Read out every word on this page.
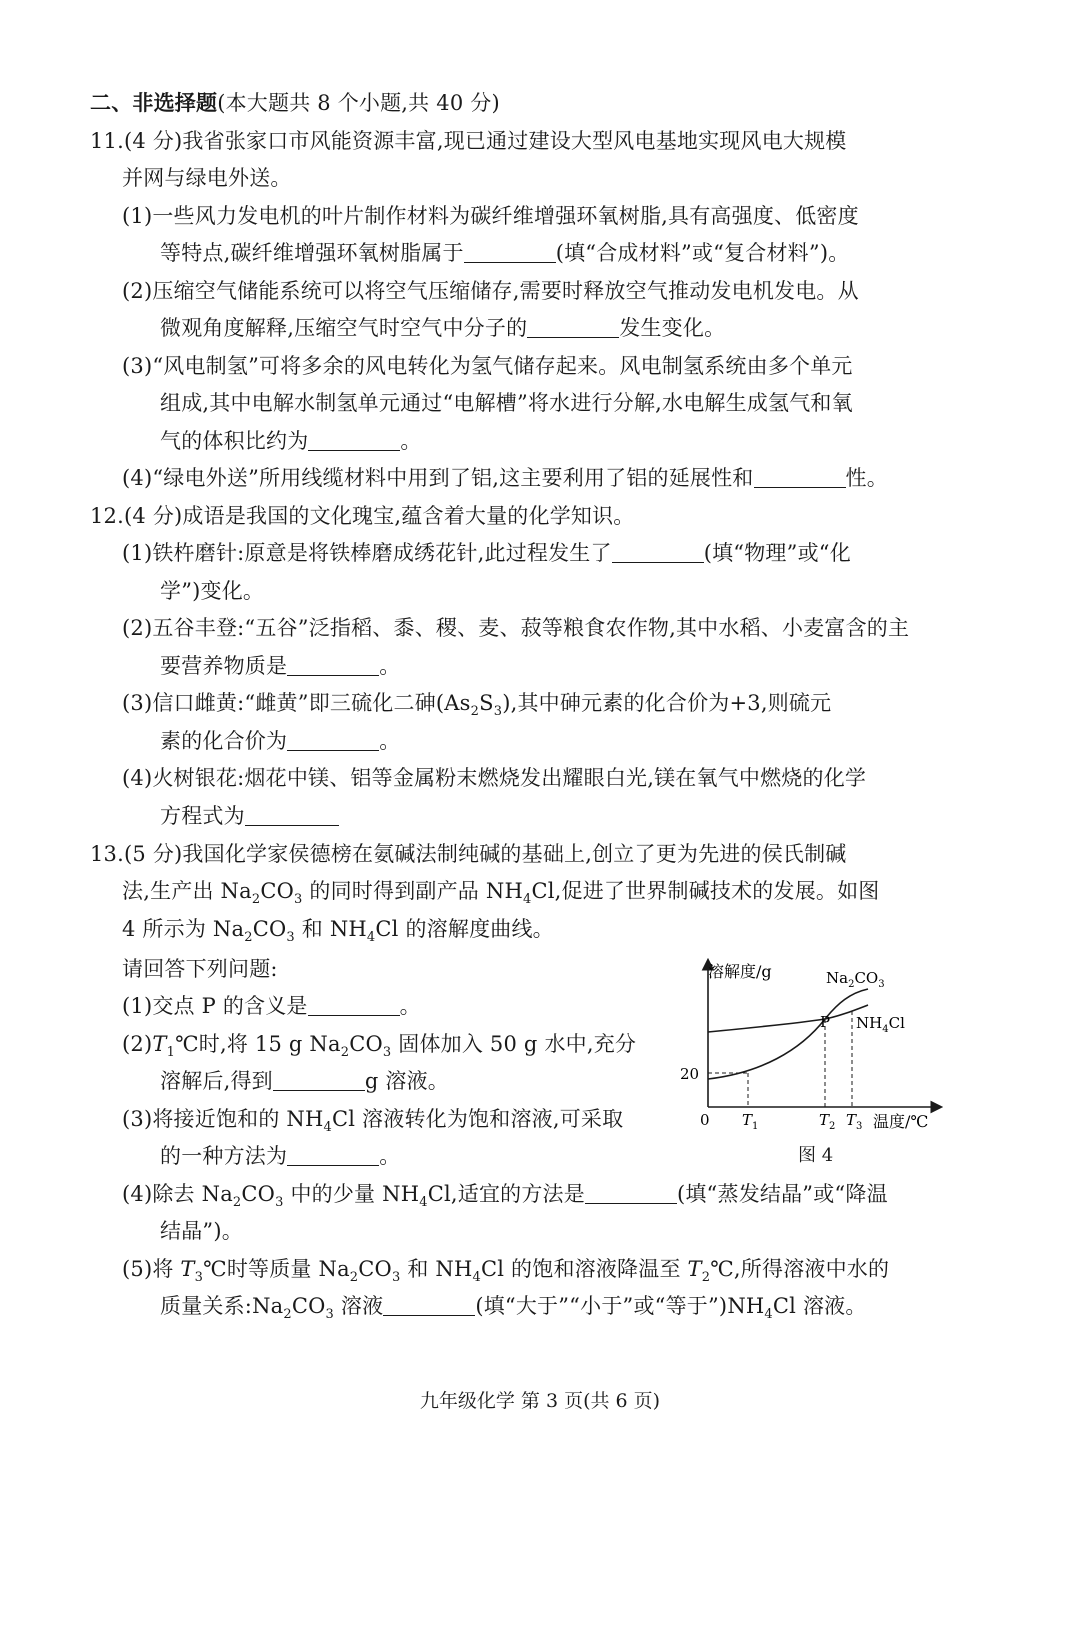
二、非选择题(本大题共 8 个小题,共 40 分)
11.(4 分)我省张家口市风能资源丰富,现已通过建设大型风电基地实现风电大规模
并网与绿电外送。
(1)一些风力发电机的叶片制作材料为碳纤维增强环氧树脂,具有高强度、低密度
等特点,碳纤维增强环氧树脂属于	(填“合成材料”或“复合材料”)。
(2)压缩空气储能系统可以将空气压缩储存,需要时释放空气推动发电机发电。从
微观角度解释,压缩空气时空气中分子的	发生变化。
(3)“风电制氢”可将多余的风电转化为氢气储存起来。风电制氢系统由多个单元
组成,其中电解水制氢单元通过“电解槽”将水进行分解,水电解生成氢气和氧
气的体积比约为	。
(4)“绿电外送”所用线缆材料中用到了铝,这主要利用了铝的延展性和	性。
12.(4 分)成语是我国的文化瑰宝,蕴含着大量的化学知识。
(1)铁杵磨针:原意是将铁棒磨成绣花针,此过程发生了	(填“物理”或“化
学”)变化。
(2)五谷丰登:“五谷”泛指稻、黍、稷、麦、菽等粮食农作物,其中水稻、小麦富含的主
要营养物质是	。
(3)信口雌黄:“雌黄”即三硫化二砷$(As_2S_3)$,其中砷元素的化合价为+3,则硫元
素的化合价为	。
(4)火树银花:烟花中镁、铝等金属粉末燃烧发出耀眼白光,镁在氧气中燃烧的化学
方程式为
13.(5 分)我国化学家侯德榜在氨碱法制纯碱的基础上,创立了更为先进的侯氏制碱
法,生产出 $Na_2CO_3$ 的同时得到副产品 $NH_4Cl$,促进了世界制碱技术的发展。如图
4 所示为 $Na_2CO_3$ 和 $NH_4Cl$ 的溶解度曲线。
请回答下列问题:
(1)交点 P 的含义是	。
$(2)T_1℃$时,将 15 g $Na_2CO_3$ 固体加入 50 g 水中,充分
溶解后,得到	g 溶液。
(3)将接近饱和的 $NH_4Cl$ 溶液转化为饱和溶液,可采取
的一种方法为	。
(4)除去 $Na_2CO_3$ 中的少量 $NH_4Cl$,适宜的方法是	(填“蒸发结晶”或“降温
结晶”)。
(5)将 $T_3℃$时等质量 $Na_2CO_3$ 和 $NH_4Cl$ 的饱和溶液降温至 $T_2℃$,所得溶液中水的
质量关系$:Na_2CO_3$ 溶液	(填“大于”“小于”或“等于$”)NH_4Cl$ 溶液。
溶解度/g	$Na_2CO_3$
$NH_4Cl$
P
20
0 $T_1$	$T_2$ $T_3$ 温度/℃
图 4
九年级化学 第 3 页(共 6 页)
